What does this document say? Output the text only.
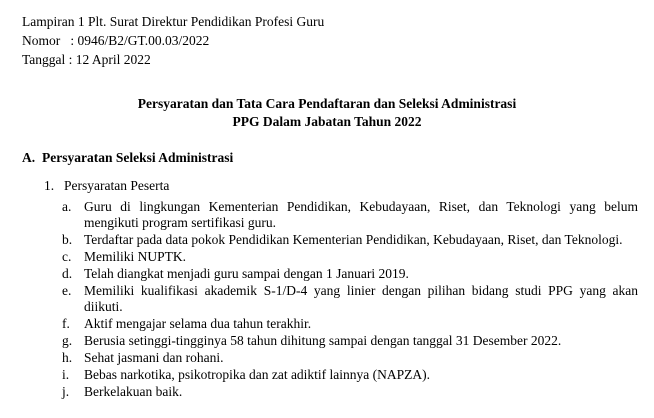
Lampiran 1 Plt. Surat Direktur Pendidikan Profesi Guru
Nomor   : 0946/B2/GT.00.03/2022
Tanggal : 12 April 2022
Persyaratan dan Tata Cara Pendaftaran dan Seleksi Administrasi
PPG Dalam Jabatan Tahun 2022
A. Persyaratan Seleksi Administrasi
1. Persyaratan Peserta
a. Guru di lingkungan Kementerian Pendidikan, Kebudayaan, Riset, dan Teknologi yang belum mengikuti program sertifikasi guru.
b. Terdaftar pada data pokok Pendidikan Kementerian Pendidikan, Kebudayaan, Riset, dan Teknologi.
c. Memiliki NUPTK.
d. Telah diangkat menjadi guru sampai dengan 1 Januari 2019.
e. Memiliki kualifikasi akademik S-1/D-4 yang linier dengan pilihan bidang studi PPG yang akan diikuti.
f. Aktif mengajar selama dua tahun terakhir.
g. Berusia setinggi-tingginya 58 tahun dihitung sampai dengan tanggal 31 Desember 2022.
h. Sehat jasmani dan rohani.
i. Bebas narkotika, psikotropika dan zat adiktif lainnya (NAPZA).
j. Berkelakuan baik.
